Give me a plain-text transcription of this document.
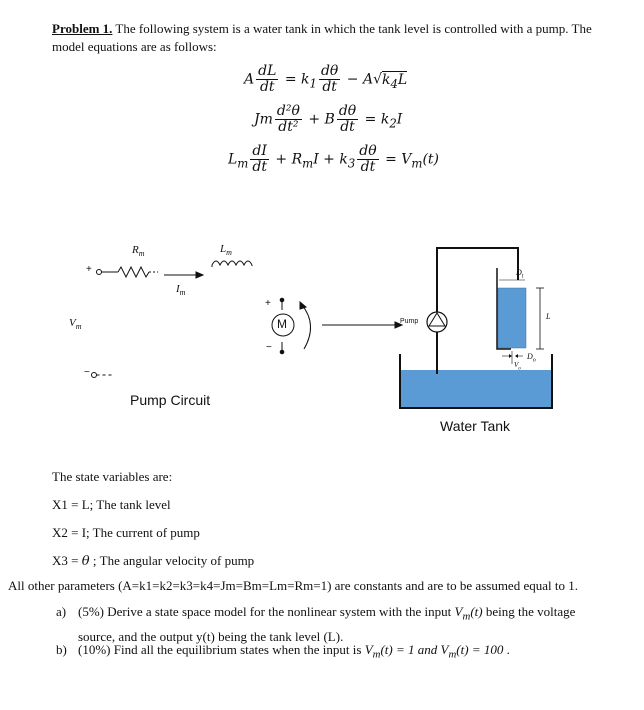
Problem 1. The following system is a water tank in which the tank level is controlled with a pump. The model equations are as follows:
A $\frac{dL}{dt} = k_1 \frac{d\theta}{dt} - A√k_4L$
Jm $\frac{\text{d²θ}}{\text{dt²}} + B \frac{d\theta}{dt} = k_2I$
$L_m \frac{dI}{dt} + R_mI + k_3 \frac{d\theta}{dt} = V_m(t)$
$R_m$	$L_m$
$I_m$
$V_m$
+
−
+
−
M
Pump Circuit
Pump
$D_t$
L
$D_o$
$V_o$
Water Tank
The state variables are:
X1 = L; The tank level
X2 = I; The current of pump
X3 = θ ; The angular velocity of pump
All other parameters (A=k1=k2=k3=k4=Jm=Bm=Lm=Rm=1) are constants and are to be assumed equal to 1.
a) (5%) Derive a state space model for the nonlinear system with the input $V_m(t)$ being the voltage
source, and the output y(t) being the tank level (L).
b) (10%) Find all the equilibrium states when the input is $V_m(t) = 1$ and $V_m(t) = 100$ .
